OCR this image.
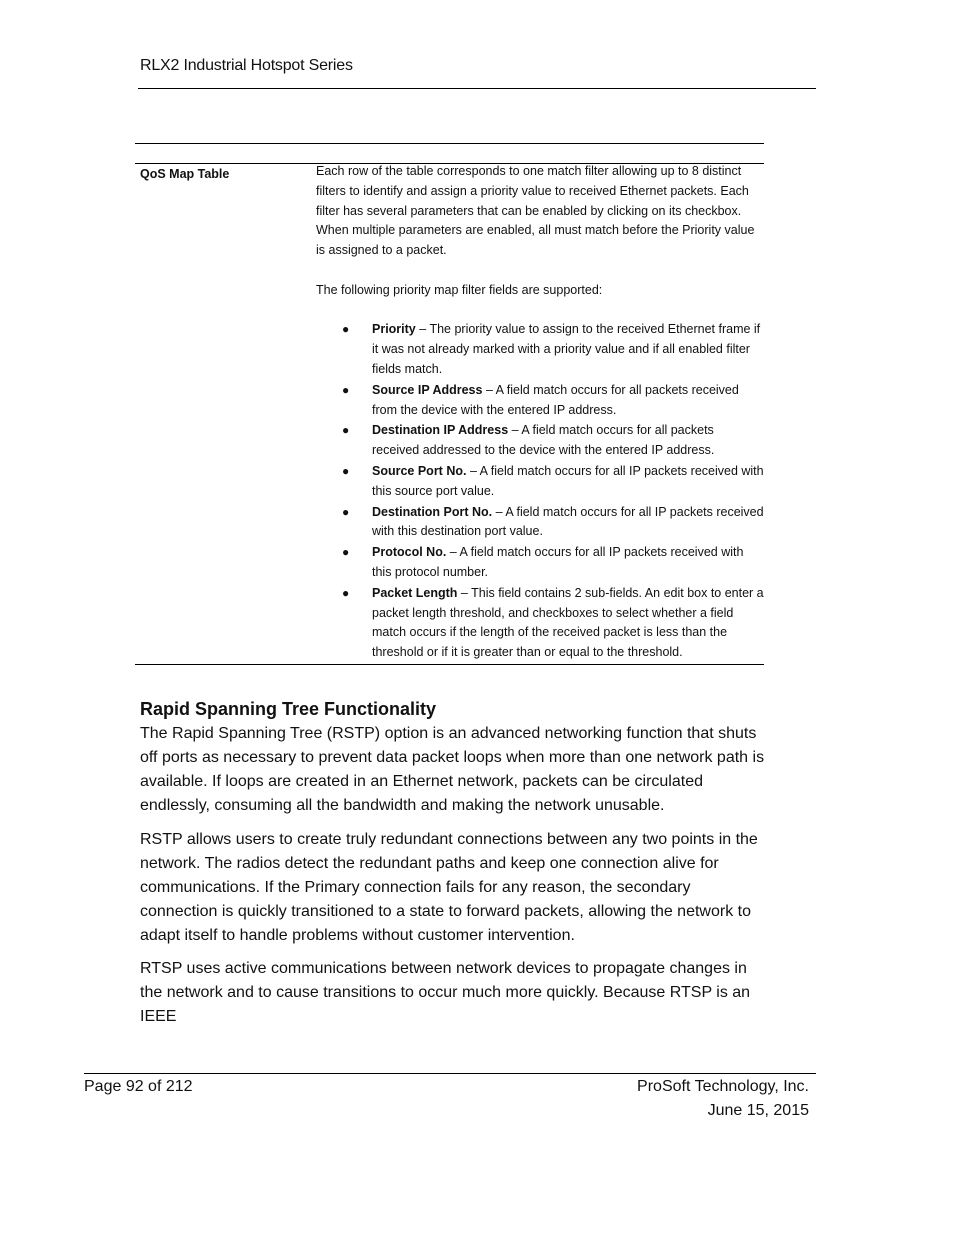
RLX2 Industrial Hotspot Series
QoS Map Table	Each row of the table corresponds to one match filter allowing up to 8 distinct filters to identify and assign a priority value to received Ethernet packets. Each filter has several parameters that can be enabled by clicking on its checkbox. When multiple parameters are enabled, all must match before the Priority value is assigned to a packet.

The following priority map filter fields are supported:

● Priority – The priority value to assign to the received Ethernet frame if it was not already marked with a priority value and if all enabled filter fields match.
● Source IP Address – A field match occurs for all packets received from the device with the entered IP address.
● Destination IP Address – A field match occurs for all packets received addressed to the device with the entered IP address.
● Source Port No. – A field match occurs for all IP packets received with this source port value.
● Destination Port No. – A field match occurs for all IP packets received with this destination port value.
● Protocol No. – A field match occurs for all IP packets received with this protocol number.
● Packet Length – This field contains 2 sub-fields. An edit box to enter a packet length threshold, and checkboxes to select whether a field match occurs if the length of the received packet is less than the threshold or if it is greater than or equal to the threshold.
Rapid Spanning Tree Functionality

The Rapid Spanning Tree (RSTP) option is an advanced networking function that shuts off ports as necessary to prevent data packet loops when more than one network path is available. If loops are created in an Ethernet network, packets can be circulated endlessly, consuming all the bandwidth and making the network unusable.

RSTP allows users to create truly redundant connections between any two points in the network. The radios detect the redundant paths and keep one connection alive for communications. If the Primary connection fails for any reason, the secondary connection is quickly transitioned to a state to forward packets, allowing the network to adapt itself to handle problems without customer intervention.

RTSP uses active communications between network devices to propagate changes in the network and to cause transitions to occur much more quickly. Because RTSP is an IEEE

Page 92 of 212	ProSoft Technology, Inc.
June 15, 2015
